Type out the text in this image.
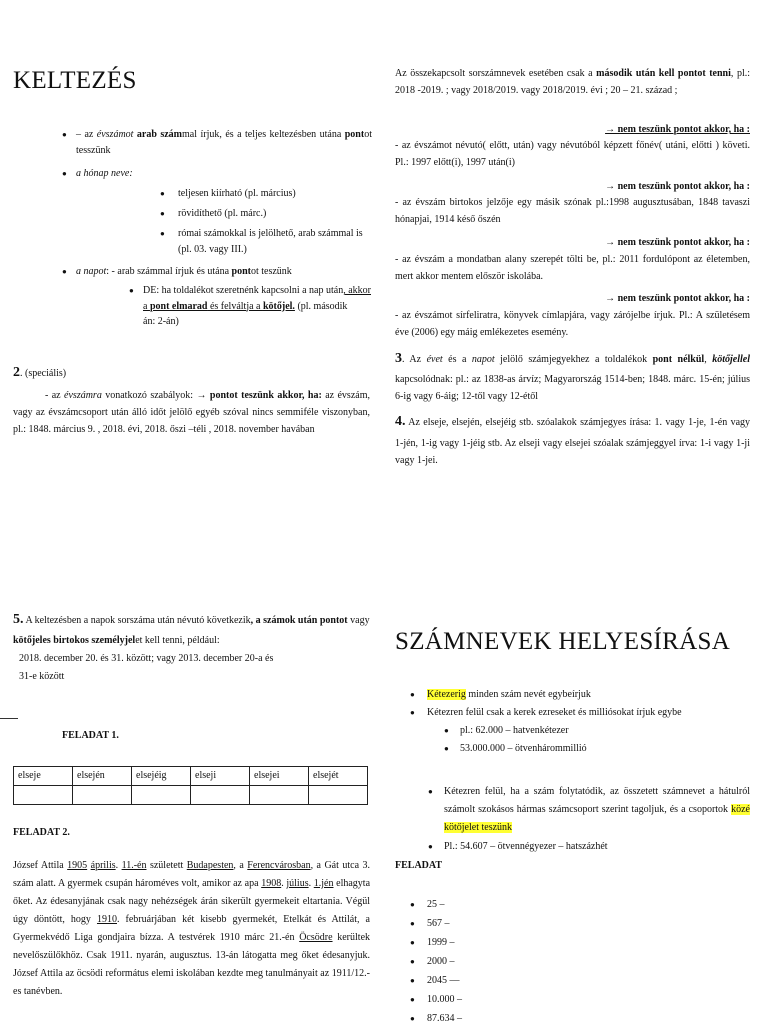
KELTEZÉS
● – az évszámot arab számmal írjuk, és a teljes keltezésben utána pontot tesszünk
● a hónap neve:
● teljesen kiírható (pl. március)
● rövidíthető (pl. márc.)
● római számokkal is jelölhető, arab számmal is (pl. 03. vagy III.)
● a napot: - arab számmal írjuk és utána pontot teszünk
● DE: ha toldalékot szeretnénk kapcsolni a nap után, akkor a pont elmarad és felváltja a kötőjel. (pl. második
án: 2-án)
2. (speciális)
- az évszámra vonatkozó szabályok: → pontot teszünk akkor, ha: az évszám, vagy az évszámcsoport után álló időt jelölő egyéb szóval nincs semmiféle viszonyban, pl.: 1848. március 9. , 2018. évi, 2018. őszi –téli , 2018. november havában
Az összekapcsolt sorszámnevek esetében csak a második után kell pontot tenni, pl.: 2018 -2019. ; vagy 2018/2019. vagy 2018/2019. évi ; 20 – 21. század ;
→ nem teszünk pontot akkor, ha :
- az évszámot névutó( előtt, után) vagy névutóból képzett főnév( utáni, előtti ) követi. Pl.: 1997 előtt(i), 1997 után(i)
→ nem teszünk pontot akkor, ha :
- az évszám birtokos jelzője egy másik szónak pl.:1998 augusztusában, 1848 tavaszi hónapjai, 1914 késő őszén
→ nem teszünk pontot akkor, ha :
- az évszám a mondatban alany szerepét tölti be, pl.: 2011 fordulópont az életemben, mert akkor mentem először iskolába.
→ nem teszünk pontot akkor, ha :
- az évszámot sírfeliratra, könyvek címlapjára, vagy zárójelbe írjuk. Pl.: A születésem éve (2006) egy máig emlékezetes esemény.
3. Az évet és a napot jelölő számjegyekhez a toldalékok pont nélkül, kötőjellel kapcsolódnak: pl.: az 1838-as árvíz; Magyarország 1514-ben; 1848. márc. 15-én; július 6-ig vagy 6-áig; 12-től vagy 12-étől
4. Az elseje, elsején, elsejéig stb. szóalakok számjegyes írása: 1. vagy 1-je, 1-én vagy 1-jén, 1-ig vagy 1-jéig stb. Az elseji vagy elsejei szóalak számjeggyel írva: 1-i vagy 1-ji vagy 1-jei.
5. A keltezésben a napok sorszáma után névutó következik, a számok után pontot vagy kötőjeles birtokos személyjelet kell tenni, például:
2018. december 20. és 31. között; vagy 2013. december 20-a és
31-e között
FELADAT 1.
elseje	elsején	elsejéig	elseji	elsejei	elsejét

FELADAT 2.
József Attila 1905 április. 11.-én született Budapesten, a Ferencvárosban, a Gát utca 3. szám alatt. A gyermek csupán hároméves volt, amikor az apa 1908. július. 1.jén elhagyta őket. Az édesanyjának csak nagy nehézségek árán sikerült gyermekeit eltartania. Végül úgy döntött, hogy 1910. februárjában két kisebb gyermekét, Etelkát és Attilát, a Gyermekvédő Liga gondjaira bízza. A testvérek 1910 márc 21.-én Öcsödre kerültek nevelőszülőkhöz. Csak 1911. nyarán, augusztus. 13-án látogatta meg őket édesanyjuk. József Attila az öcsödi református elemi iskolában kezdte meg tanulmányait az 1911/12.-es tanévben.
SZÁMNEVEK HELYESÍRÁSA
● Kétezerig minden szám nevét egybeírjuk
● Kétezren felül csak a kerek ezreseket és milliósokat írjuk egybe
● pl.: 62.000 – hatvenkétezer
● 53.000.000 – ötvenhárommillió
● Kétezren felül, ha a szám folytatódik, az összetett számnevet a hátulról számolt szokásos hármas számcsoport szerint tagoljuk, és a csoportok közé kötőjelet teszünk
● Pl.: 54.607 – ötvennégyezer – hatszázhét
FELADAT
● 25 –
● 567 –
● 1999 –
● 2000 –
● 2045 —
● 10.000 –
● 87.634 –
